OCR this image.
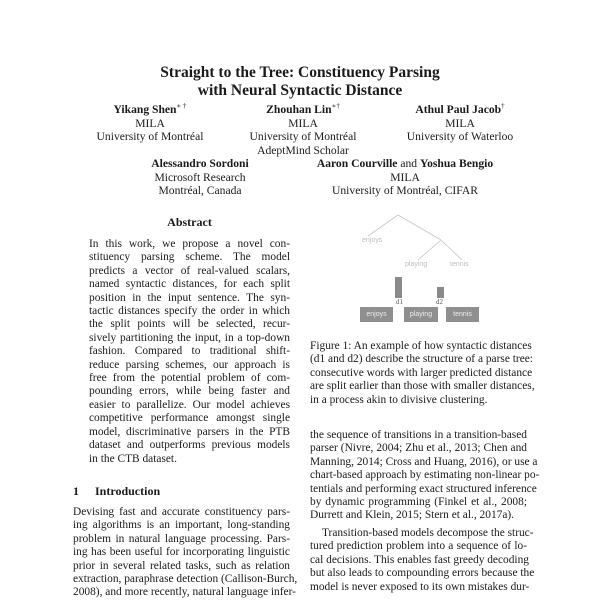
Straight to the Tree: Constituency Parsing
with Neural Syntactic Distance
Yikang Shen∗ †
MILA
University of Montréal
Zhouhan Lin∗†
MILA
University of Montréal
AdeptMind Scholar
Athul Paul Jacob†
MILA
University of Waterloo
Alessandro Sordoni
Microsoft Research
Montréal, Canada
Aaron Courville and Yoshua Bengio
MILA
University of Montréal, CIFAR
Abstract
In this work, we propose a novel con-
stituency parsing scheme. The model
predicts a vector of real-valued scalars,
named syntactic distances, for each split
position in the input sentence. The syn-
tactic distances specify the order in which
the split points will be selected, recur-
sively partitioning the input, in a top-down
fashion. Compared to traditional shift-
reduce parsing schemes, our approach is
free from the potential problem of com-
pounding errors, while being faster and
easier to parallelize. Our model achieves
competitive performance amongst single
model, discriminative parsers in the PTB
dataset and outperforms previous models
in the CTB dataset.
1 Introduction
Devising fast and accurate constituency pars-
ing algorithms is an important, long-standing
problem in natural language processing. Pars-
ing has been useful for incorporating linguistic
prior in several related tasks, such as relation
extraction, paraphrase detection (Callison-Burch,
2008), and more recently, natural language infer-
enjoys
playing	tennis
d1	d2
enjoys	playing	tennis
Figure 1: An example of how syntactic distances
(d1 and d2) describe the structure of a parse tree:
consecutive words with larger predicted distance
are split earlier than those with smaller distances,
in a process akin to divisive clustering.
the sequence of transitions in a transition-based
parser (Nivre, 2004; Zhu et al., 2013; Chen and
Manning, 2014; Cross and Huang, 2016), or use a
chart-based approach by estimating non-linear po-
tentials and performing exact structured inference
by dynamic programming (Finkel et al., 2008;
Durrett and Klein, 2015; Stern et al., 2017a).
Transition-based models decompose the struc-
tured prediction problem into a sequence of lo-
cal decisions. This enables fast greedy decoding
but also leads to compounding errors because the
model is never exposed to its own mistakes dur-
